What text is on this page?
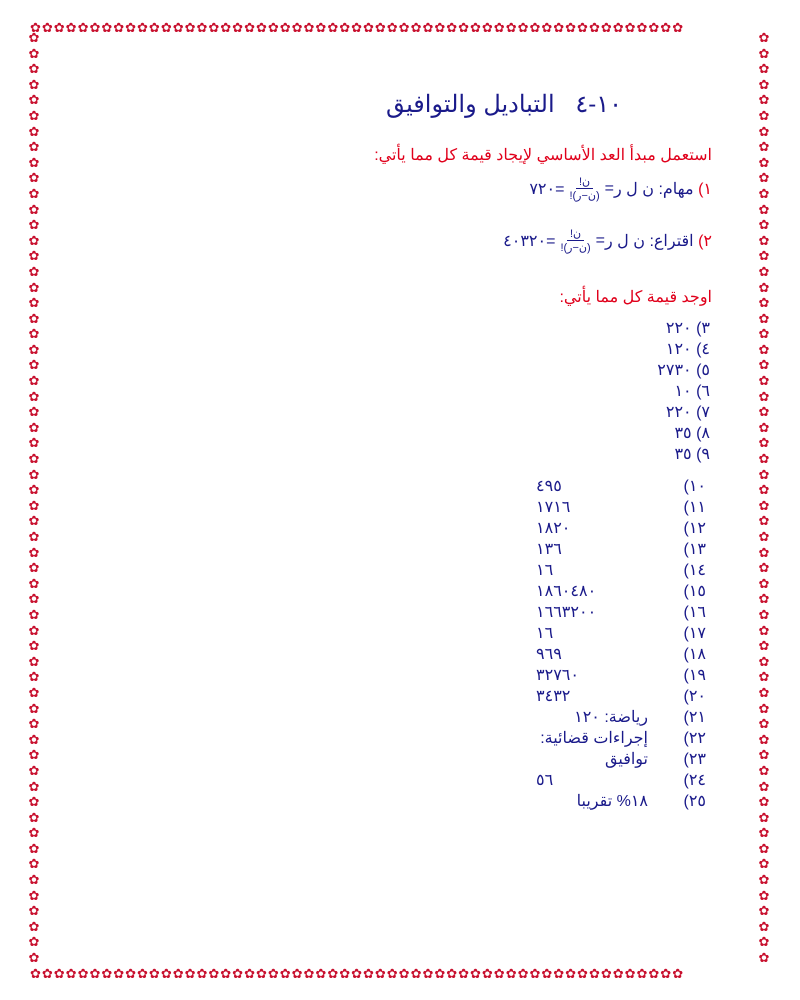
✿✿✿✿✿✿✿✿✿✿✿✿✿✿✿✿✿✿✿✿✿✿✿✿✿✿✿✿✿✿✿✿✿✿✿✿✿✿✿✿✿✿✿✿✿✿✿✿✿✿✿✿✿✿✿
✿✿✿✿✿✿✿✿✿✿✿✿✿✿✿✿✿✿✿✿✿✿✿✿✿✿✿✿✿✿✿✿✿✿✿✿✿✿✿✿✿✿✿✿✿✿✿✿✿✿✿✿✿✿✿
✿
✿
✿
✿
✿
✿
✿
✿
✿
✿
✿
✿
✿
✿
✿
✿
✿
✿
✿
✿
✿
✿
✿
✿
✿
✿
✿
✿
✿
✿
✿
✿
✿
✿
✿
✿
✿
✿
✿
✿
✿
✿
✿
✿
✿
✿
✿
✿
✿
✿
✿
✿
✿
✿
✿
✿
✿
✿
✿
✿
✿
✿
✿
✿
✿
✿
✿
✿
✿
✿
✿
✿
✿
✿
✿
✿
✿
✿
✿
✿
✿
✿
✿
✿
✿
✿
✿
✿
✿
✿
✿
✿
✿
✿
✿
✿
✿
✿
✿
✿
✿
✿
✿
✿
✿
✿
✿
✿
✿
✿
✿
✿
✿
✿
✿
✿
✿
✿
✿
✿
١٠-٤ التباديل والتوافيق
استعمل مبدأ العد الأساسي لإيجاد قيمة كل مما يأتي:
١)

مهام:

ن ل ر
=
$\frac{\text{ن!}}{\text{(ن−ر)!}}$
=٧٢٠
٢)

اقتراع:

ن ل ر
=
$\frac{\text{ن!}}{\text{(ن−ر)!}}$
=٤٠٣٢٠
اوجد قيمة كل مما يأتي:
٣) ٢٢٠
٤) ١٢٠
٥) ٢٧٣٠
٦) ١٠
٧) ٢٢٠
٨) ٣٥
٩) ٣٥
١٠)
٤٩٥
١١)
١٧١٦
١٢)
١٨٢٠
١٣)
١٣٦
١٤)
١٦
١٥)
١٨٦٠٤٨٠
١٦)
١٦٦٣٢٠٠
١٧)
١٦
١٨)
٩٦٩
١٩)
٣٢٧٦٠
٢٠)
٣٤٣٢
٢١)
رياضة: ١٢٠
٢٢)
إجراءات قضائية:
٢٣)
توافيق
٢٤)
٥٦
٢٥)
١٨% تقريبا
